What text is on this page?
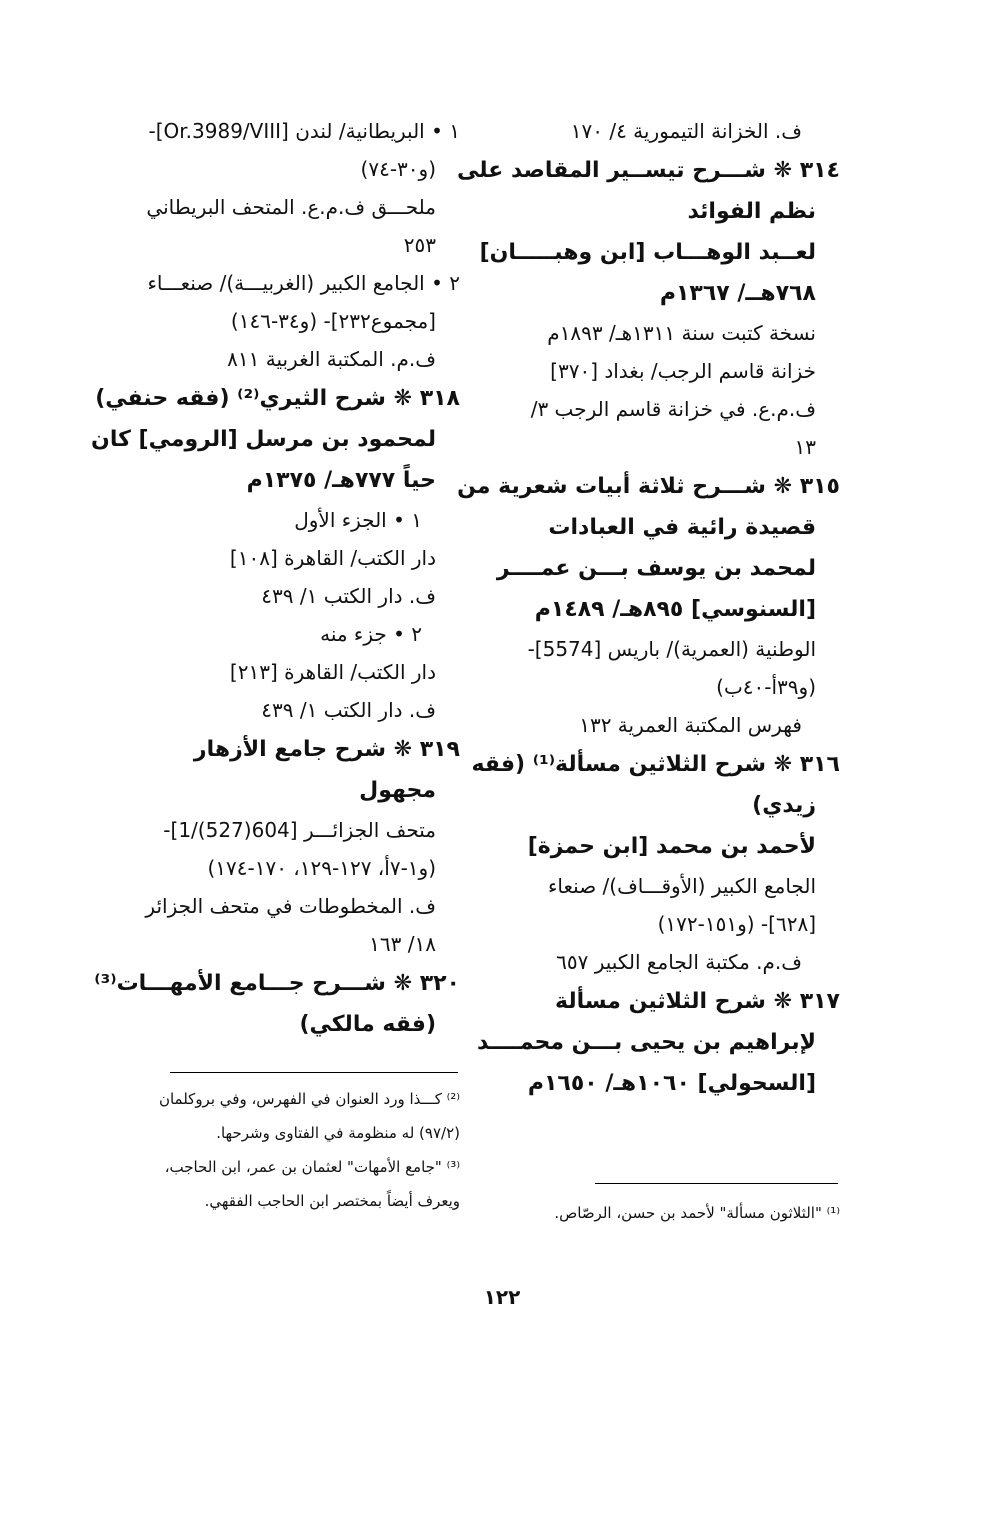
ف. الخزانة التيمورية ٤/ ١٧٠
٣١٤ ❋ شـــرح تيســير المقاصد على
نظم الفوائد
لعــبد الوهـــاب [ابن وهبـــــان]
٧٦٨هــ/ ١٣٦٧م
نسخة كتبت سنة ١٣١١هـ/ ١٨٩٣م
خزانة قاسم الرجب/ بغداد [٣٧٠]
ف.م.ع. في خزانة قاسم الرجب ٣/
١٣
٣١٥ ❋ شـــرح ثلاثة أبيات شعرية من
قصيدة رائية في العبادات
لمحمد بن يوسف بـــن عمــــر
[السنوسي] ٨٩٥هـ/ ١٤٨٩م
الوطنية (العمرية)/ باريس [5574]-
(و٣٩أ-٤٠ب)
فهرس المكتبة العمرية ١٣٢
٣١٦ ❋ شرح الثلاثين مسألة⁽¹⁾ (فقه
زيدي)
لأحمد بن محمد [ابن حمزة]
الجامع الكبير (الأوقـــاف)/ صنعاء
[٦٢٨]- (و١٥١-١٧٢)
ف.م. مكتبة الجامع الكبير ٦٥٧
٣١٧ ❋ شرح الثلاثين مسألة
لإبراهيم بن يحيى بـــن محمــــد
[السحولي] ١٠٦٠هـ/ ١٦٥٠م
١ • البريطانية/ لندن [Or.3989/VIII]-
(و٣٠-٧٤)
ملحـــق ف.م.ع. المتحف البريطاني
٢٥٣
٢ • الجامع الكبير (الغربيـــة)/ صنعـــاء
[مجموع٢٣٢]- (و٣٤-١٤٦)
ف.م. المكتبة الغربية ٨١١
٣١٨ ❋ شرح الثيري⁽²⁾ (فقه حنفي)
لمحمود بن مرسل [الرومي] كان
حياً ٧٧٧هـ/ ١٣٧٥م
١ • الجزء الأول
دار الكتب/ القاهرة [١٠٨]
ف. دار الكتب ١/ ٤٣٩
٢ • جزء منه
دار الكتب/ القاهرة [٢١٣]
ف. دار الكتب ١/ ٤٣٩
٣١٩ ❋ شرح جامع الأزهار
مجهول
متحف الجزائـــر [604(527)/1]-
(و١-٧أ، ١٢٧-١٢٩، ١٧٠-١٧٤)
ف. المخطوطات في متحف الجزائر
١٨/ ١٦٣
٣٢٠ ❋ شـــرح جـــامع الأمهـــات⁽³⁾
(فقه مالكي)
⁽²⁾ كـــذا ورد العنوان في الفهرس، وفي بروكلمان
(٩٧/٢) له منظومة في الفتاوى وشرحها.
⁽³⁾ "جامع الأمهات" لعثمان بن عمر، ابن الحاجب،
ويعرف أيضاً بمختصر ابن الحاجب الفقهي.
⁽¹⁾ "الثلاثون مسألة" لأحمد بن حسن، الرصّاص.
١٢٢
